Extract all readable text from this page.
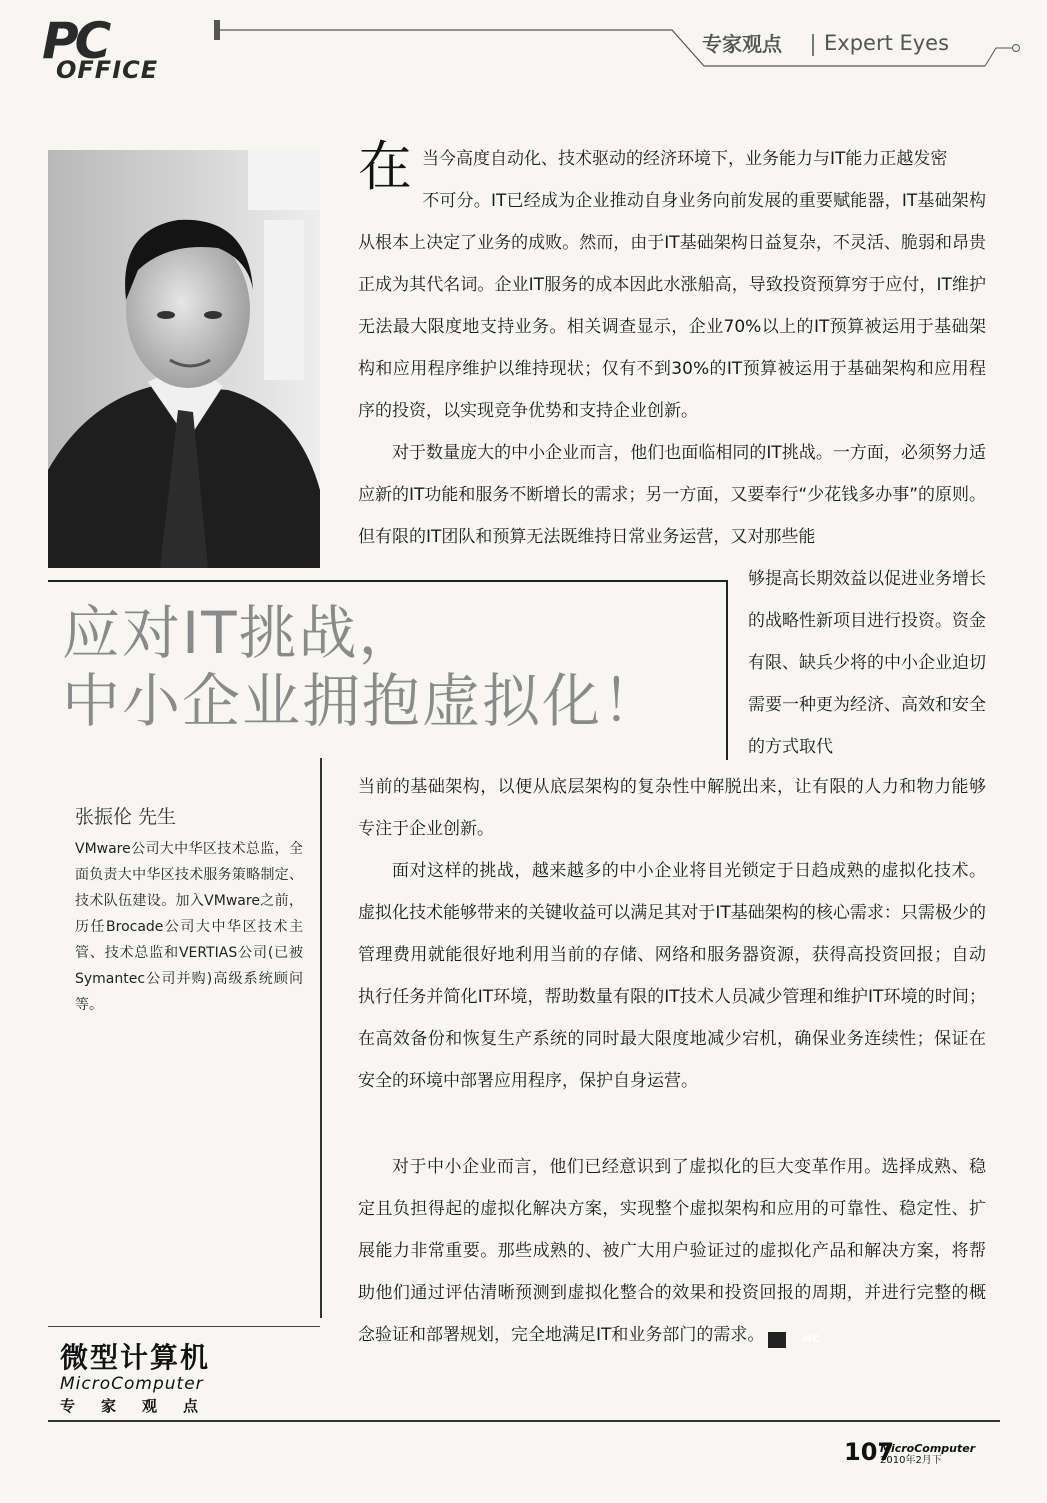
PC
OFFICE
专家观点 Expert Eyes
在 当今高度自动化、技术驱动的经济环境下，业务能力与IT能力正越发密
不可分。IT已经成为企业推动自身业务向前发展的重要赋能器，IT基础架构从根本上决定了业务的成败。然而，由于IT基础架构日益复杂，不灵活、脆弱和昂贵正成为其代名词。企业IT服务的成本因此水涨船高，导致投资预算穷于应付，IT维护无法最大限度地支持业务。相关调查显示，企业70%以上的IT预算被运用于基础架构和应用程序维护以维持现状；仅有不到30%的IT预算被运用于基础架构和应用程序的投资，以实现竞争优势和支持企业创新。

对于数量庞大的中小企业而言，他们也面临相同的IT挑战。一方面，必须努力适应新的IT功能和服务不断增长的需求；另一方面，又要奉行“少花钱多办事”的原则。但有限的IT团队和预算无法既维持日常业务运营，又对那些能

够提高长期效益以促进业务增长的战略性新项目进行投资。资金有限、缺兵少将的中小企业迫切需要一种更为经济、高效和安全的方式取代

当前的基础架构，以便从底层架构的复杂性中解脱出来，让有限的人力和物力能够专注于企业创新。

面对这样的挑战，越来越多的中小企业将目光锁定于日趋成熟的虚拟化技术。虚拟化技术能够带来的关键收益可以满足其对于IT基础架构的核心需求：只需极少的管理费用就能很好地利用当前的存储、网络和服务器资源，获得高投资回报；自动执行任务并简化IT环境，帮助数量有限的IT技术人员减少管理和维护IT环境的时间；在高效备份和恢复生产系统的同时最大限度地减少宕机，确保业务连续性；保证在安全的环境中部署应用程序，保护自身运营。

对于中小企业而言，他们已经意识到了虚拟化的巨大变革作用。选择成熟、稳定且负担得起的虚拟化解决方案，实现整个虚拟架构和应用的可靠性、稳定性、扩展能力非常重要。那些成熟的、被广大用户验证过的虚拟化产品和解决方案，将帮助他们通过评估清晰预测到虚拟化整合的效果和投资回报的周期，并进行完整的概念验证和部署规划，完全地满足IT和业务部门的需求。	MC

应对IT挑战，
中小企业拥抱虚拟化！
张振伦 先生

VMware公司大中华区技术总监，全面负责大中华区技术服务策略制定、技术队伍建设。加入VMware之前，历任Brocade公司大中华区技术主管、技术总监和VERTIAS公司(已被Symantec公司并购)高级系统顾问等。

微型计算机
MicroComputer
专家观点
107
MicroComputer
2010年2月下
